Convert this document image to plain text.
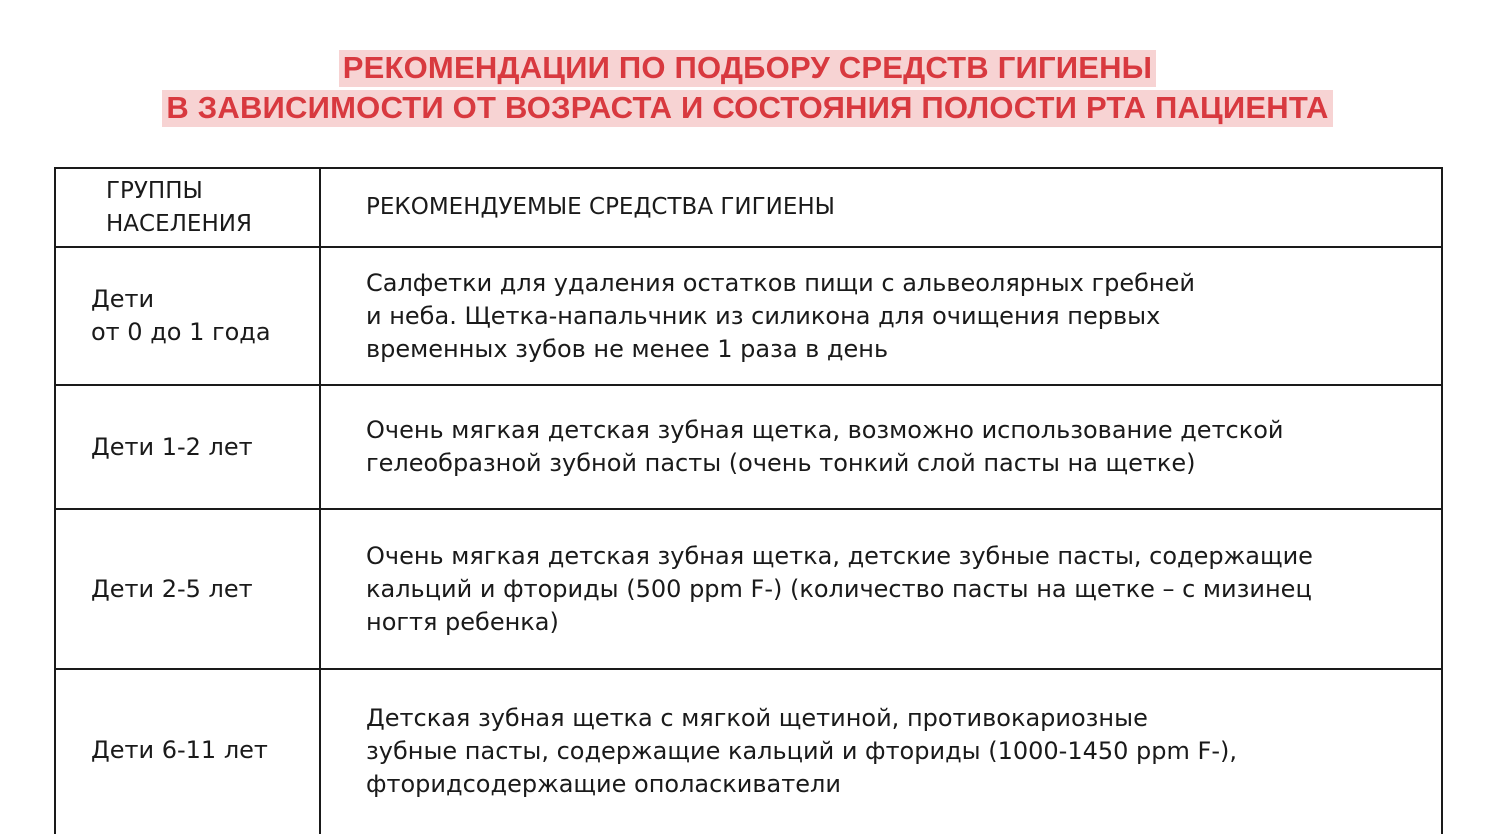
РЕКОМЕНДАЦИИ ПО ПОДБОРУ СРЕДСТВ ГИГИЕНЫ
В ЗАВИСИМОСТИ ОТ ВОЗРАСТА И СОСТОЯНИЯ ПОЛОСТИ РТА ПАЦИЕНТА
ГРУППЫ
НАСЕЛЕНИЯ	РЕКОМЕНДУЕМЫЕ СРЕДСТВА ГИГИЕНЫ

Дети
от 0 до 1 года	Салфетки для удаления остатков пищи с альвеолярных гребней
и неба. Щетка-напальчник из силикона для очищения первых
временных зубов не менее 1 раза в день

Дети 1-2 лет	Очень мягкая детская зубная щетка, возможно использование детской
гелеобразной зубной пасты (очень тонкий слой пасты на щетке)

Дети 2-5 лет	Очень мягкая детская зубная щетка, детские зубные пасты, содержащие
кальций и фториды (500 ppm F-) (количество пасты на щетке – с мизинец
ногтя ребенка)

Дети 6-11 лет	Детская зубная щетка с мягкой щетиной, противокариозные
зубные пасты, содержащие кальций и фториды (1000-1450 ppm F-),
фторидсодержащие ополаскиватели
